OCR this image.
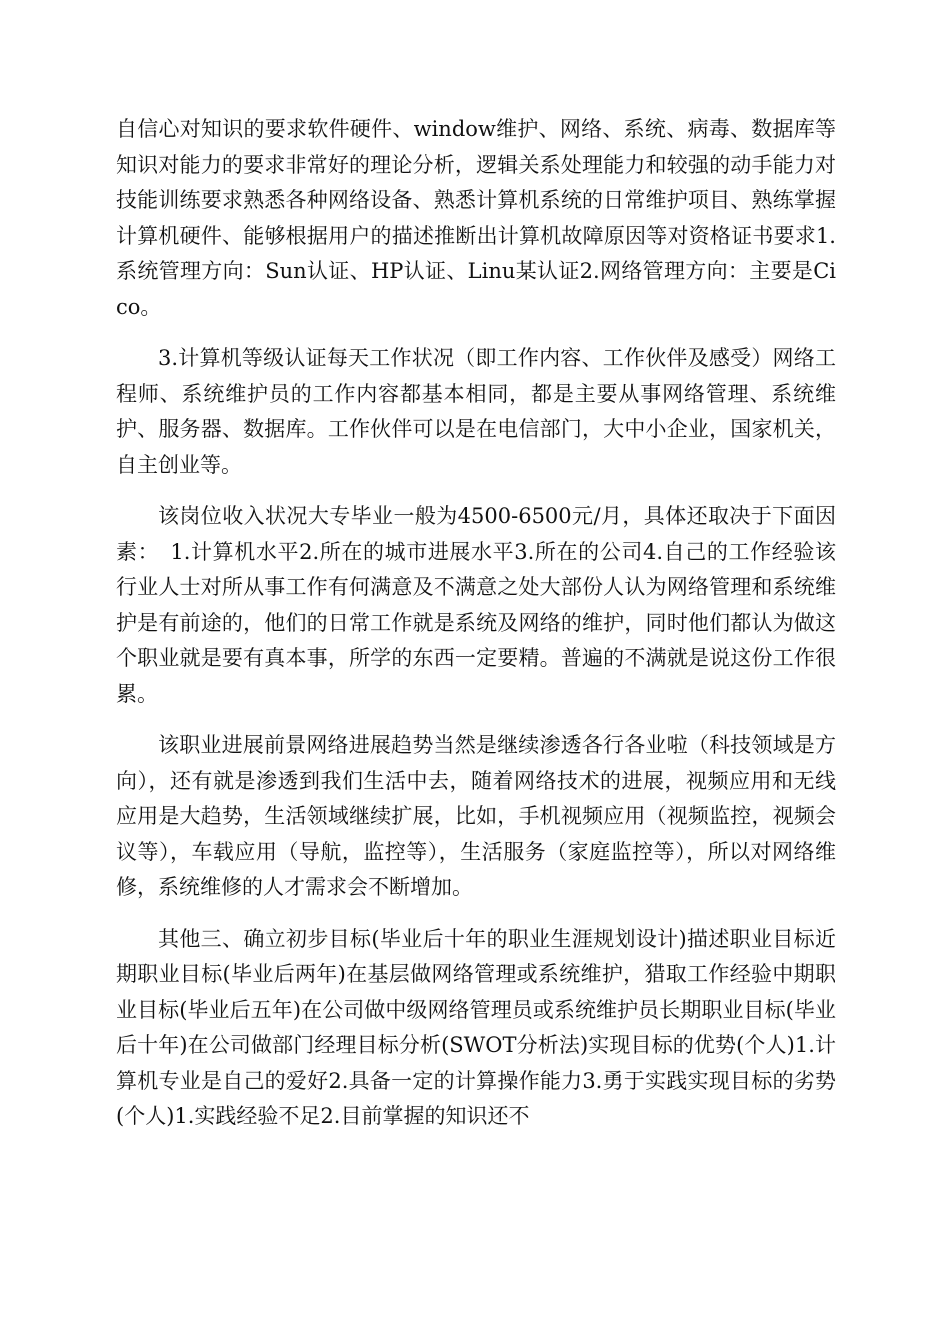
自信心对知识的要求软件硬件、window维护、网络、系统、病毒、数据库等知识对能力的要求非常好的理论分析，逻辑关系处理能力和较强的动手能力对技能训练要求熟悉各种网络设备、熟悉计算机系统的日常维护项目、熟练掌握计算机硬件、能够根据用户的描述推断出计算机故障原因等对资格证书要求1.系统管理方向：Sun认证、HP认证、Linu某认证2.网络管理方向：主要是Cico。

3.计算机等级认证每天工作状况（即工作内容、工作伙伴及感受）网络工程师、系统维护员的工作内容都基本相同，都是主要从事网络管理、系统维护、服务器、数据库。工作伙伴可以是在电信部门，大中小企业，国家机关，自主创业等。

该岗位收入状况大专毕业一般为4500-6500元/月，具体还取决于下面因素：　1.计算机水平2.所在的城市进展水平3.所在的公司4.自己的工作经验该行业人士对所从事工作有何满意及不满意之处大部份人认为网络管理和系统维护是有前途的，他们的日常工作就是系统及网络的维护，同时他们都认为做这个职业就是要有真本事，所学的东西一定要精。普遍的不满就是说这份工作很累。

该职业进展前景网络进展趋势当然是继续渗透各行各业啦（科技领域是方向），还有就是渗透到我们生活中去，随着网络技术的进展，视频应用和无线应用是大趋势，生活领域继续扩展，比如，手机视频应用（视频监控，视频会议等），车载应用（导航，监控等），生活服务（家庭监控等），所以对网络维修，系统维修的人才需求会不断增加。

其他三、确立初步目标(毕业后十年的职业生涯规划设计)描述职业目标近期职业目标(毕业后两年)在基层做网络管理或系统维护，猎取工作经验中期职业目标(毕业后五年)在公司做中级网络管理员或系统维护员长期职业目标(毕业后十年)在公司做部门经理目标分析(SWOT分析法)实现目标的优势(个人)1.计算机专业是自己的爱好2.具备一定的计算操作能力3.勇于实践实现目标的劣势(个人)1.实践经验不足2.目前掌握的知识还不
